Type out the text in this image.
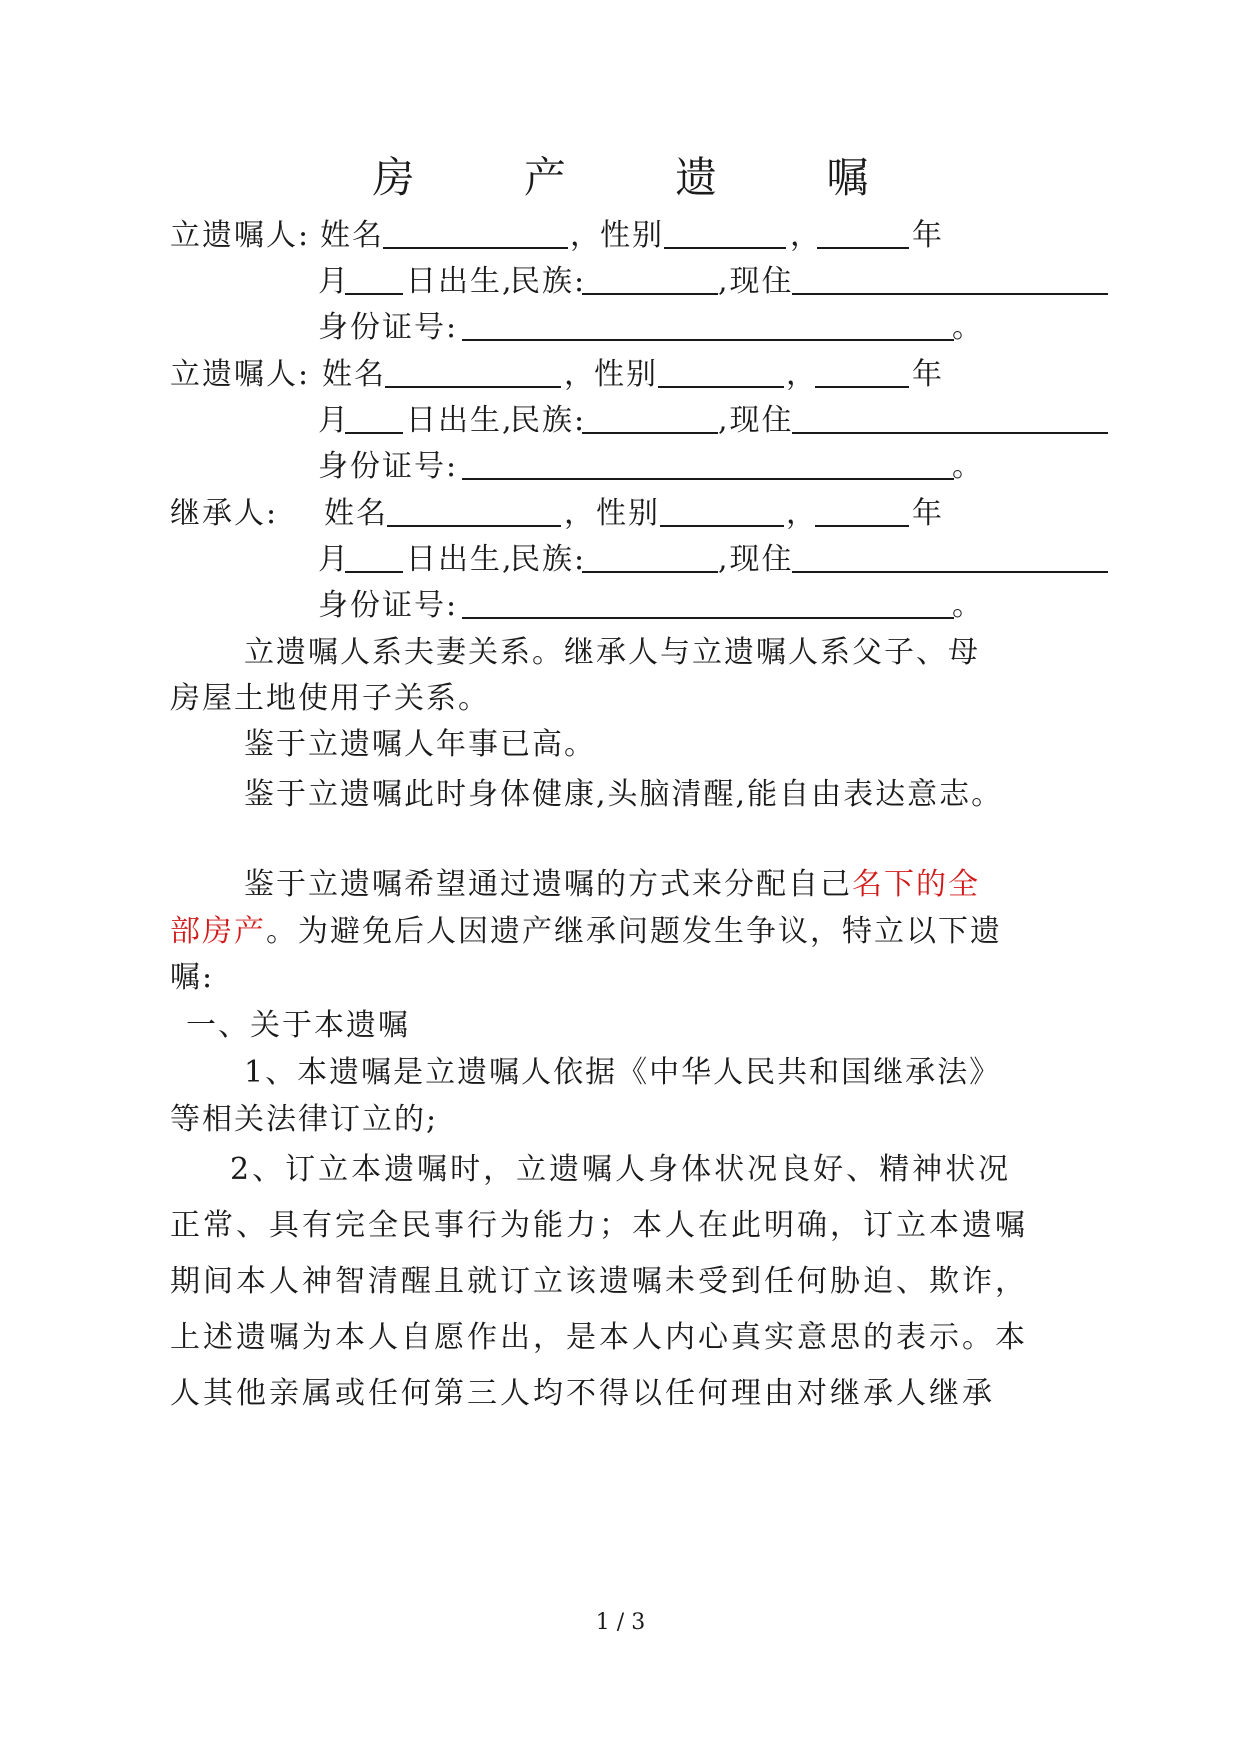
房 产 遗 嘱
立遗嘱人: 姓名	，
性别	，	年
月 日出生,
民族:	,现住
身份证号:	。
立遗嘱人: 姓名	，
性别	，	年
月 日出生,
民族:	,现住
身份证号:	。
继承人: 姓名	， 性别	，	年
月 日出生,
民族:	,现住
身份证号:	。
立遗嘱人系夫妻关系。继承人与立遗嘱人系父子、母
房屋土地使用子关系。
鉴于立遗嘱人年事已高。
鉴于立遗嘱此时身体健康,头脑清醒,能自由表达意志。
鉴于立遗嘱希望通过遗嘱的方式来分配自己名下的全
部房产。为避免后人因遗产继承问题发生争议，特立以下遗
嘱:
一、关于本遗嘱
1、本遗嘱是立遗嘱人依据《中华人民共和国继承法》
等相关法律订立的;
2、订立本遗嘱时，立遗嘱人身体状况良好、精神状况
正常、具有完全民事行为能力；本人在此明确，订立本遗嘱
期间本人神智清醒且就订立该遗嘱未受到任何胁迫、欺诈，
上述遗嘱为本人自愿作出，是本人内心真实意思的表示。本
人其他亲属或任何第三人均不得以任何理由对继承人继承
1 / 3
